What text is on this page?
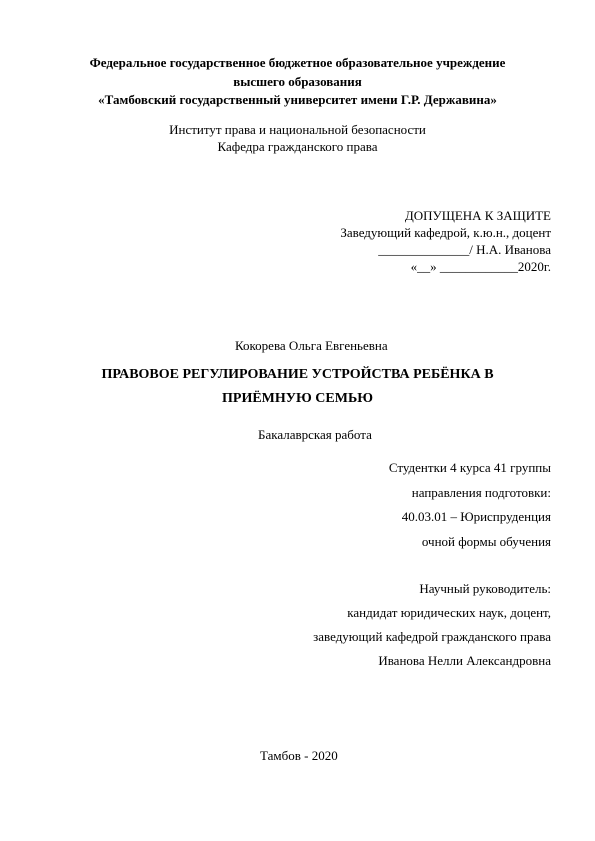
Федеральное государственное бюджетное образовательное учреждение
высшего образования
«Тамбовский государственный университет имени Г.Р. Державина»
Институт права и национальной безопасности
Кафедра гражданского права
ДОПУЩЕНА К ЗАЩИТЕ
Заведующий кафедрой, к.ю.н., доцент
______________/ Н.А. Иванова
«__» ____________2020г.
Кокорева Ольга Евгеньевна
ПРАВОВОЕ РЕГУЛИРОВАНИЕ УСТРОЙСТВА РЕБЁНКА В
ПРИЁМНУЮ СЕМЬЮ
Бакалаврская работа
Студентки 4 курса 41 группы
направления подготовки:
40.03.01 – Юриспруденция
очной формы обучения
Научный руководитель:
кандидат юридических наук, доцент,
заведующий кафедрой гражданского права
Иванова Нелли Александровна
Тамбов - 2020
